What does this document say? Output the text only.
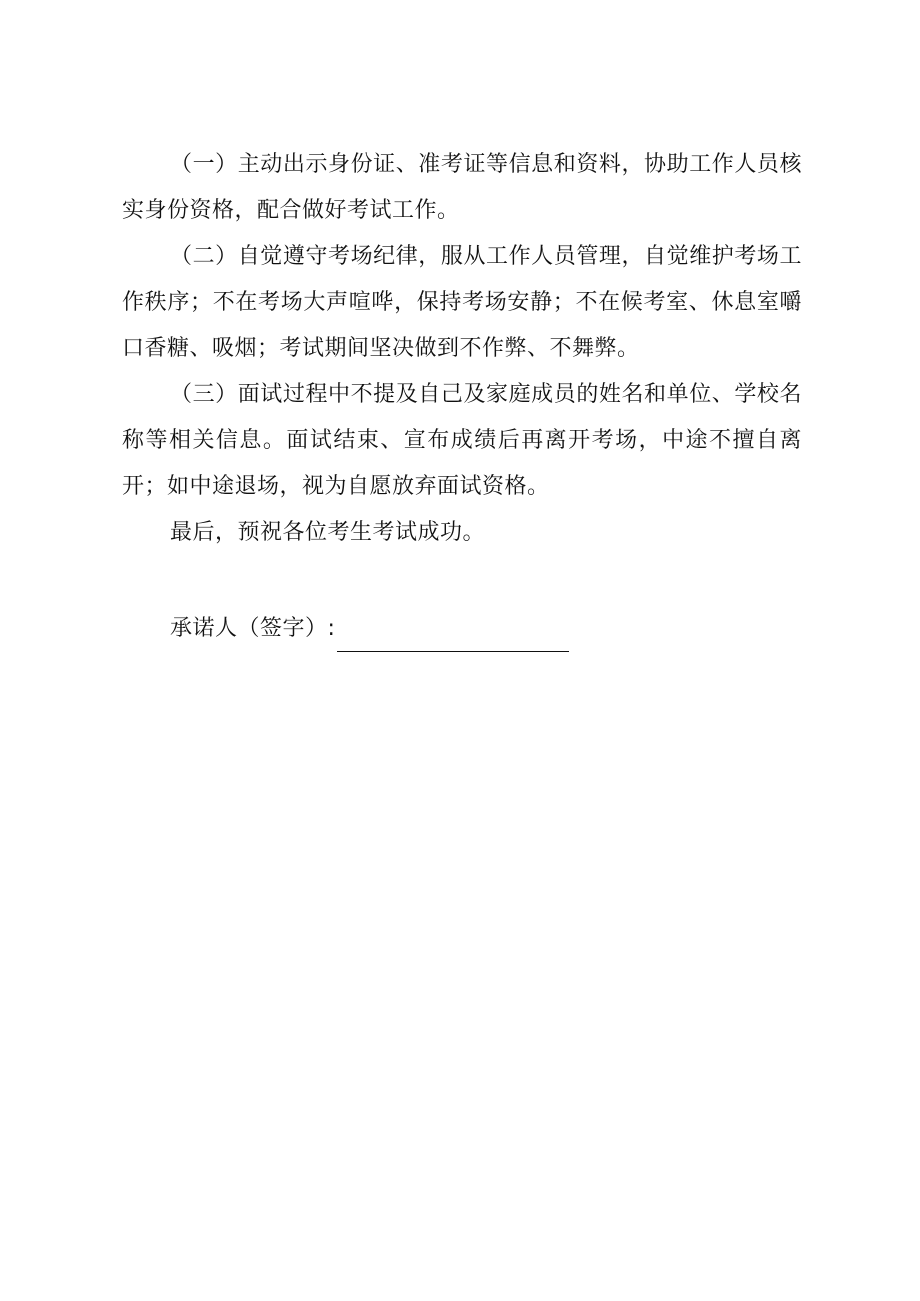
（一）主动出示身份证、准考证等信息和资料，协助工作人员核实身份资格，配合做好考试工作。

（二）自觉遵守考场纪律，服从工作人员管理，自觉维护考场工作秩序；不在考场大声喧哗，保持考场安静；不在候考室、休息室嚼口香糖、吸烟；考试期间坚决做到不作弊、不舞弊。

（三）面试过程中不提及自己及家庭成员的姓名和单位、学校名称等相关信息。面试结束、宣布成绩后再离开考场，中途不擅自离开；如中途退场，视为自愿放弃面试资格。

最后，预祝各位考生考试成功。

承诺人（签字）:
